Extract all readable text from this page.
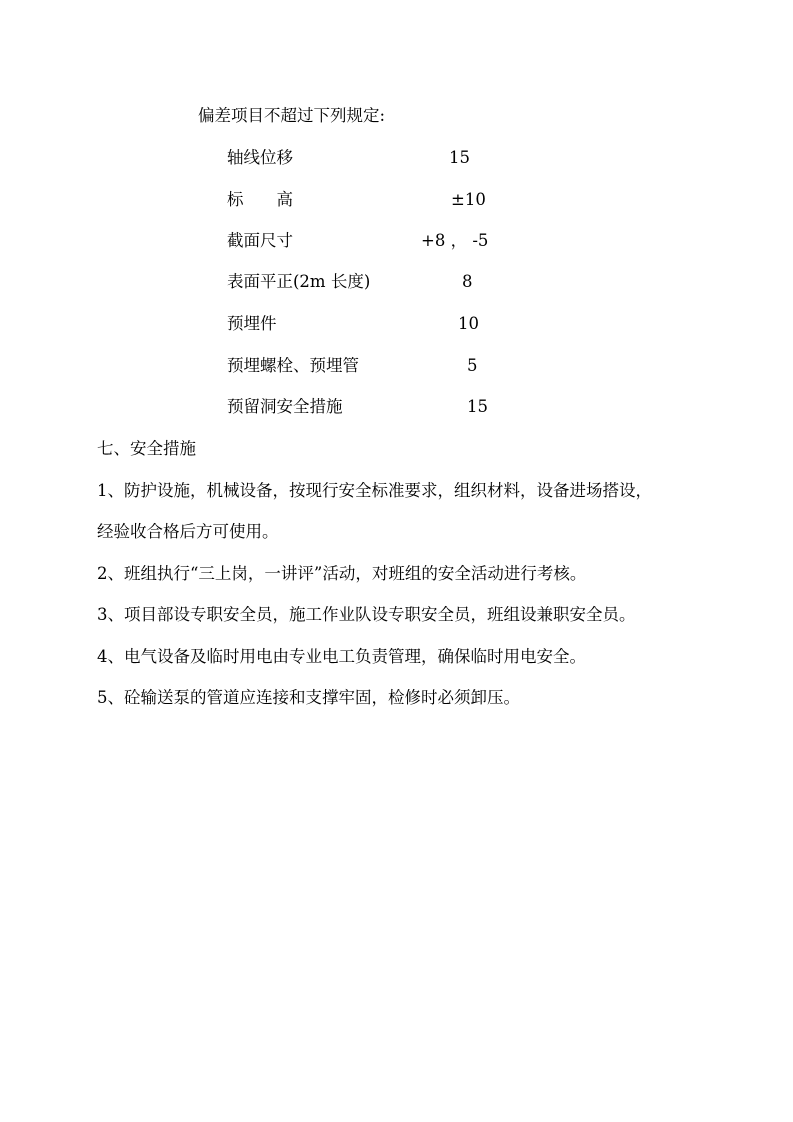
偏差项目不超过下列规定:
轴线位移	15
标　　高	±10
截面尺寸	+8 ， -5
表面平正(2m 长度)	8
预埋件	10
预埋螺栓、预埋管	5
预留洞安全措施	15
七、安全措施
1、防护设施，机械设备，按现行安全标准要求，组织材料，设备进场搭设，
经验收合格后方可使用。
2、班组执行“三上岗，一讲评”活动，对班组的安全活动进行考核。
3、项目部设专职安全员，施工作业队设专职安全员，班组设兼职安全员。
4、电气设备及临时用电由专业电工负责管理，确保临时用电安全。
5、砼输送泵的管道应连接和支撑牢固，检修时必须卸压。
